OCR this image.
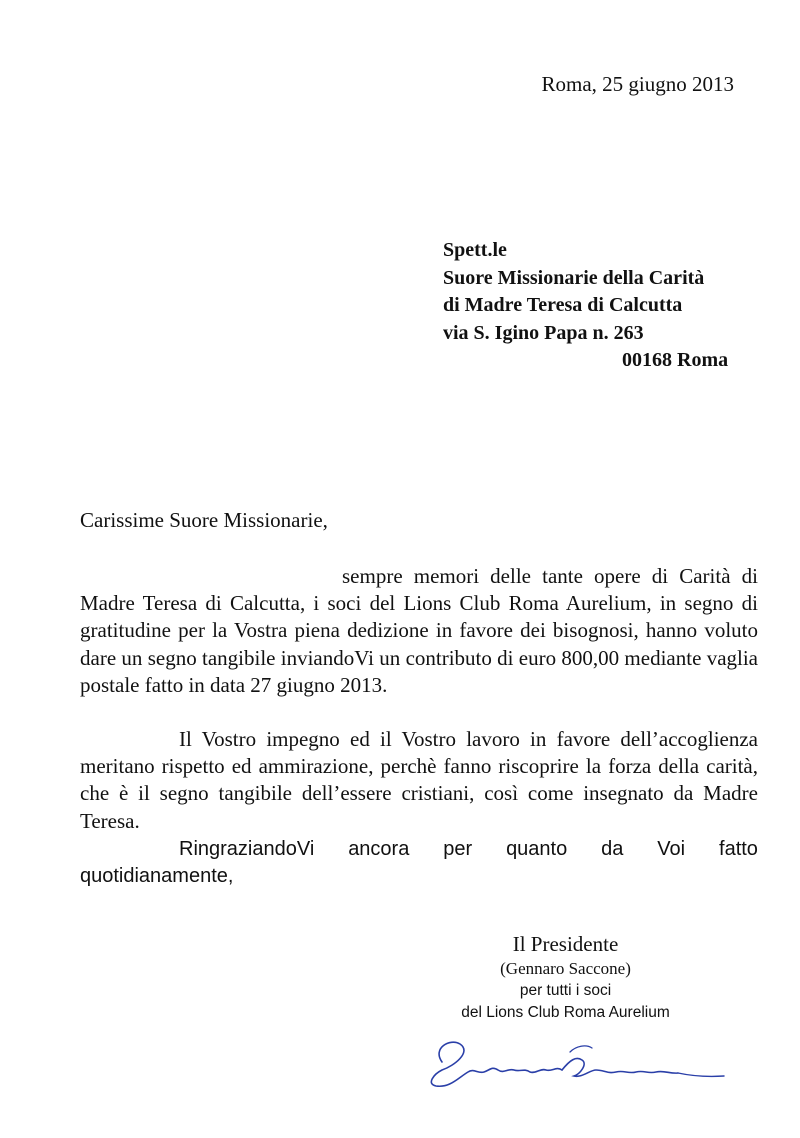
Roma, 25 giugno 2013
Spett.le
Suore Missionarie della Carità
di Madre Teresa di Calcutta
via S. Igino Papa n. 263
00168 Roma
Carissime Suore Missionarie,
sempre memori delle tante opere di Carità di Madre Teresa di Calcutta, i soci del Lions Club Roma Aurelium, in segno di gratitudine per la Vostra piena dedizione in favore dei bisognosi, hanno voluto dare un segno tangibile inviandoVi un contributo di euro 800,00 mediante vaglia postale fatto in data 27 giugno 2013.
Il Vostro impegno ed il Vostro lavoro in favore dell’accoglienza meritano rispetto ed ammirazione, perchè fanno riscoprire la forza della carità, che è il segno tangibile dell’essere cristiani, così come insegnato da Madre Teresa.
RingraziandoVi ancora per quanto da Voi fatto
quotidianamente,
Il Presidente
(Gennaro Saccone)
per tutti i soci
del Lions Club Roma Aurelium
